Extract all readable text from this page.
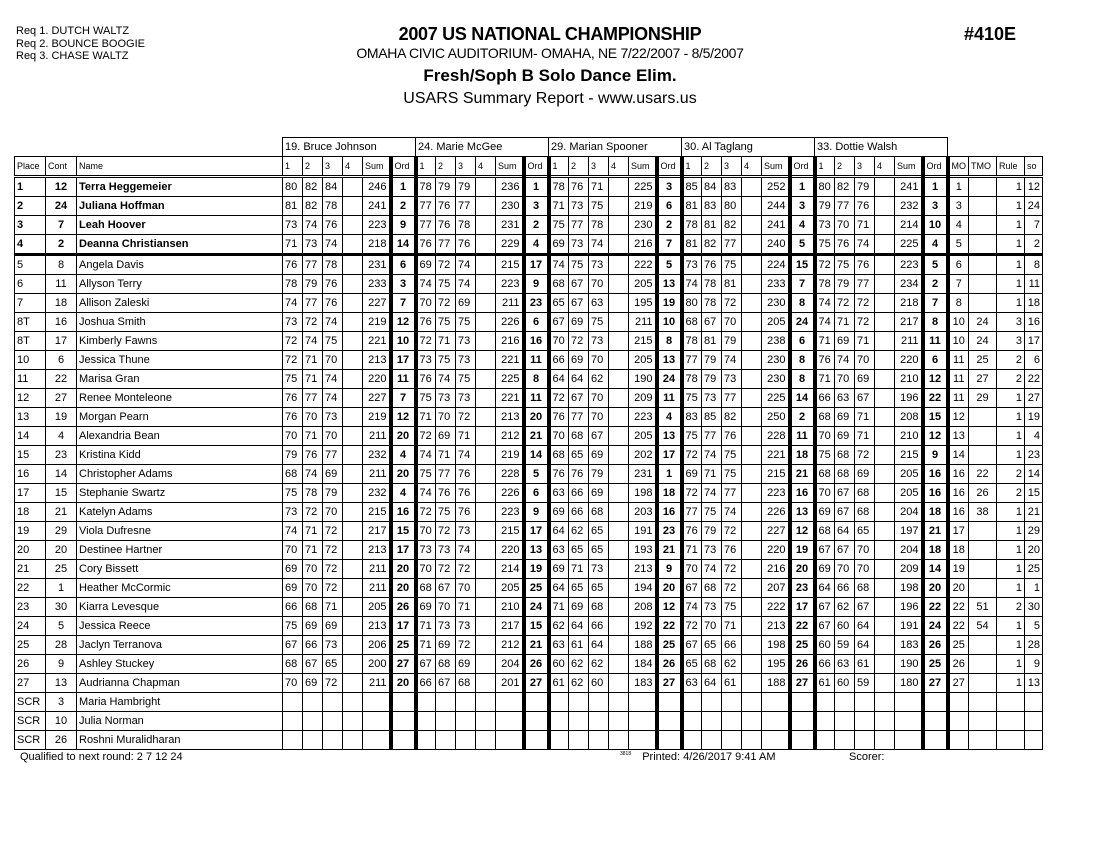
Req 1. DUTCH WALTZ
Req 2. BOUNCE BOOGIE
Req 3. CHASE WALTZ
2007 US NATIONAL CHAMPIONSHIP
OMAHA CIVIC AUDITORIUM- OMAHA, NE 7/22/2007 - 8/5/2007
Fresh/Soph B Solo Dance Elim.
USARS Summary Report - www.usars.us
#410E
			19. Bruce Johnson						24. Marie McGee						29. Marian Spooner						30. Al Taglang						33. Dottie Walsh									
Place	Cont	Name	1	2	3	4	Sum	Ord	1	2	3	4	Sum	Ord	1	2	3	4	Sum	Ord	1	2	3	4	Sum	Ord	1	2	3	4	Sum	Ord	MO	TMO	Rule	so
1	12	Terra Heggemeier	80	82	84		246	1	78	79	79		236	1	78	76	71		225	3	85	84	83		252	1	80	82	79		241	1	1		1	12
2	24	Juliana Hoffman	81	82	78		241	2	77	76	77		230	3	71	73	75		219	6	81	83	80		244	3	79	77	76		232	3	3		1	24
3	7	Leah Hoover	73	74	76		223	9	77	76	78		231	2	75	77	78		230	2	78	81	82		241	4	73	70	71		214	10	4		1	7
4	2	Deanna Christiansen	71	73	74		218	14	76	77	76		229	4	69	73	74		216	7	81	82	77		240	5	75	76	74		225	4	5		1	2
5	8	Angela Davis	76	77	78		231	6	69	72	74		215	17	74	75	73		222	5	73	76	75		224	15	72	75	76		223	5	6		1	8
6	11	Allyson Terry	78	79	76		233	3	74	75	74		223	9	68	67	70		205	13	74	78	81		233	7	78	79	77		234	2	7		1	11
7	18	Allison Zaleski	74	77	76		227	7	70	72	69		211	23	65	67	63		195	19	80	78	72		230	8	74	72	72		218	7	8		1	18
8T	16	Joshua Smith	73	72	74		219	12	76	75	75		226	6	67	69	75		211	10	68	67	70		205	24	74	71	72		217	8	10	24	3	16
8T	17	Kimberly Fawns	72	74	75		221	10	72	71	73		216	16	70	72	73		215	8	78	81	79		238	6	71	69	71		211	11	10	24	3	17
10	6	Jessica Thune	72	71	70		213	17	73	75	73		221	11	66	69	70		205	13	77	79	74		230	8	76	74	70		220	6	11	25	2	6
11	22	Marisa Gran	75	71	74		220	11	76	74	75		225	8	64	64	62		190	24	78	79	73		230	8	71	70	69		210	12	11	27	2	22
12	27	Renee Monteleone	76	77	74		227	7	75	73	73		221	11	72	67	70		209	11	75	73	77		225	14	66	63	67		196	22	11	29	1	27
13	19	Morgan Pearn	76	70	73		219	12	71	70	72		213	20	76	77	70		223	4	83	85	82		250	2	68	69	71		208	15	12		1	19
14	4	Alexandria Bean	70	71	70		211	20	72	69	71		212	21	70	68	67		205	13	75	77	76		228	11	70	69	71		210	12	13		1	4
15	23	Kristina Kidd	79	76	77		232	4	74	71	74		219	14	68	65	69		202	17	72	74	75		221	18	75	68	72		215	9	14		1	23
16	14	Christopher Adams	68	74	69		211	20	75	77	76		228	5	76	76	79		231	1	69	71	75		215	21	68	68	69		205	16	16	22	2	14
17	15	Stephanie Swartz	75	78	79		232	4	74	76	76		226	6	63	66	69		198	18	72	74	77		223	16	70	67	68		205	16	16	26	2	15
18	21	Katelyn Adams	73	72	70		215	16	72	75	76		223	9	69	66	68		203	16	77	75	74		226	13	69	67	68		204	18	16	38	1	21
19	29	Viola Dufresne	74	71	72		217	15	70	72	73		215	17	64	62	65		191	23	76	79	72		227	12	68	64	65		197	21	17		1	29
20	20	Destinee Hartner	70	71	72		213	17	73	73	74		220	13	63	65	65		193	21	71	73	76		220	19	67	67	70		204	18	18		1	20
21	25	Cory Bissett	69	70	72		211	20	70	72	72		214	19	69	71	73		213	9	70	74	72		216	20	69	70	70		209	14	19		1	25
22	1	Heather McCormic	69	70	72		211	20	68	67	70		205	25	64	65	65		194	20	67	68	72		207	23	64	66	68		198	20	20		1	1
23	30	Kiarra Levesque	66	68	71		205	26	69	70	71		210	24	71	69	68		208	12	74	73	75		222	17	67	62	67		196	22	22	51	2	30
24	5	Jessica Reece	75	69	69		213	17	71	73	73		217	15	62	64	66		192	22	72	70	71		213	22	67	60	64		191	24	22	54	1	5
25	28	Jaclyn Terranova	67	66	73		206	25	71	69	72		212	21	63	61	64		188	25	67	65	66		198	25	60	59	64		183	26	25		1	28
26	9	Ashley Stuckey	68	67	65		200	27	67	68	69		204	26	60	62	62		184	26	65	68	62		195	26	66	63	61		190	25	26		1	9
27	13	Audrianna Chapman	70	69	72		211	20	66	67	68		201	27	61	62	60		183	27	63	64	61		188	27	61	60	59		180	27	27		1	13
SCR	3	Maria Hambright																																		
SCR	10	Julia Norman																																		
SCR	26	Roshni Muralidharan																																		
Qualified to next round: 2 7 12 24	$^{3818}$ Printed: 4/26/2017 9:41 AM	Scorer:
